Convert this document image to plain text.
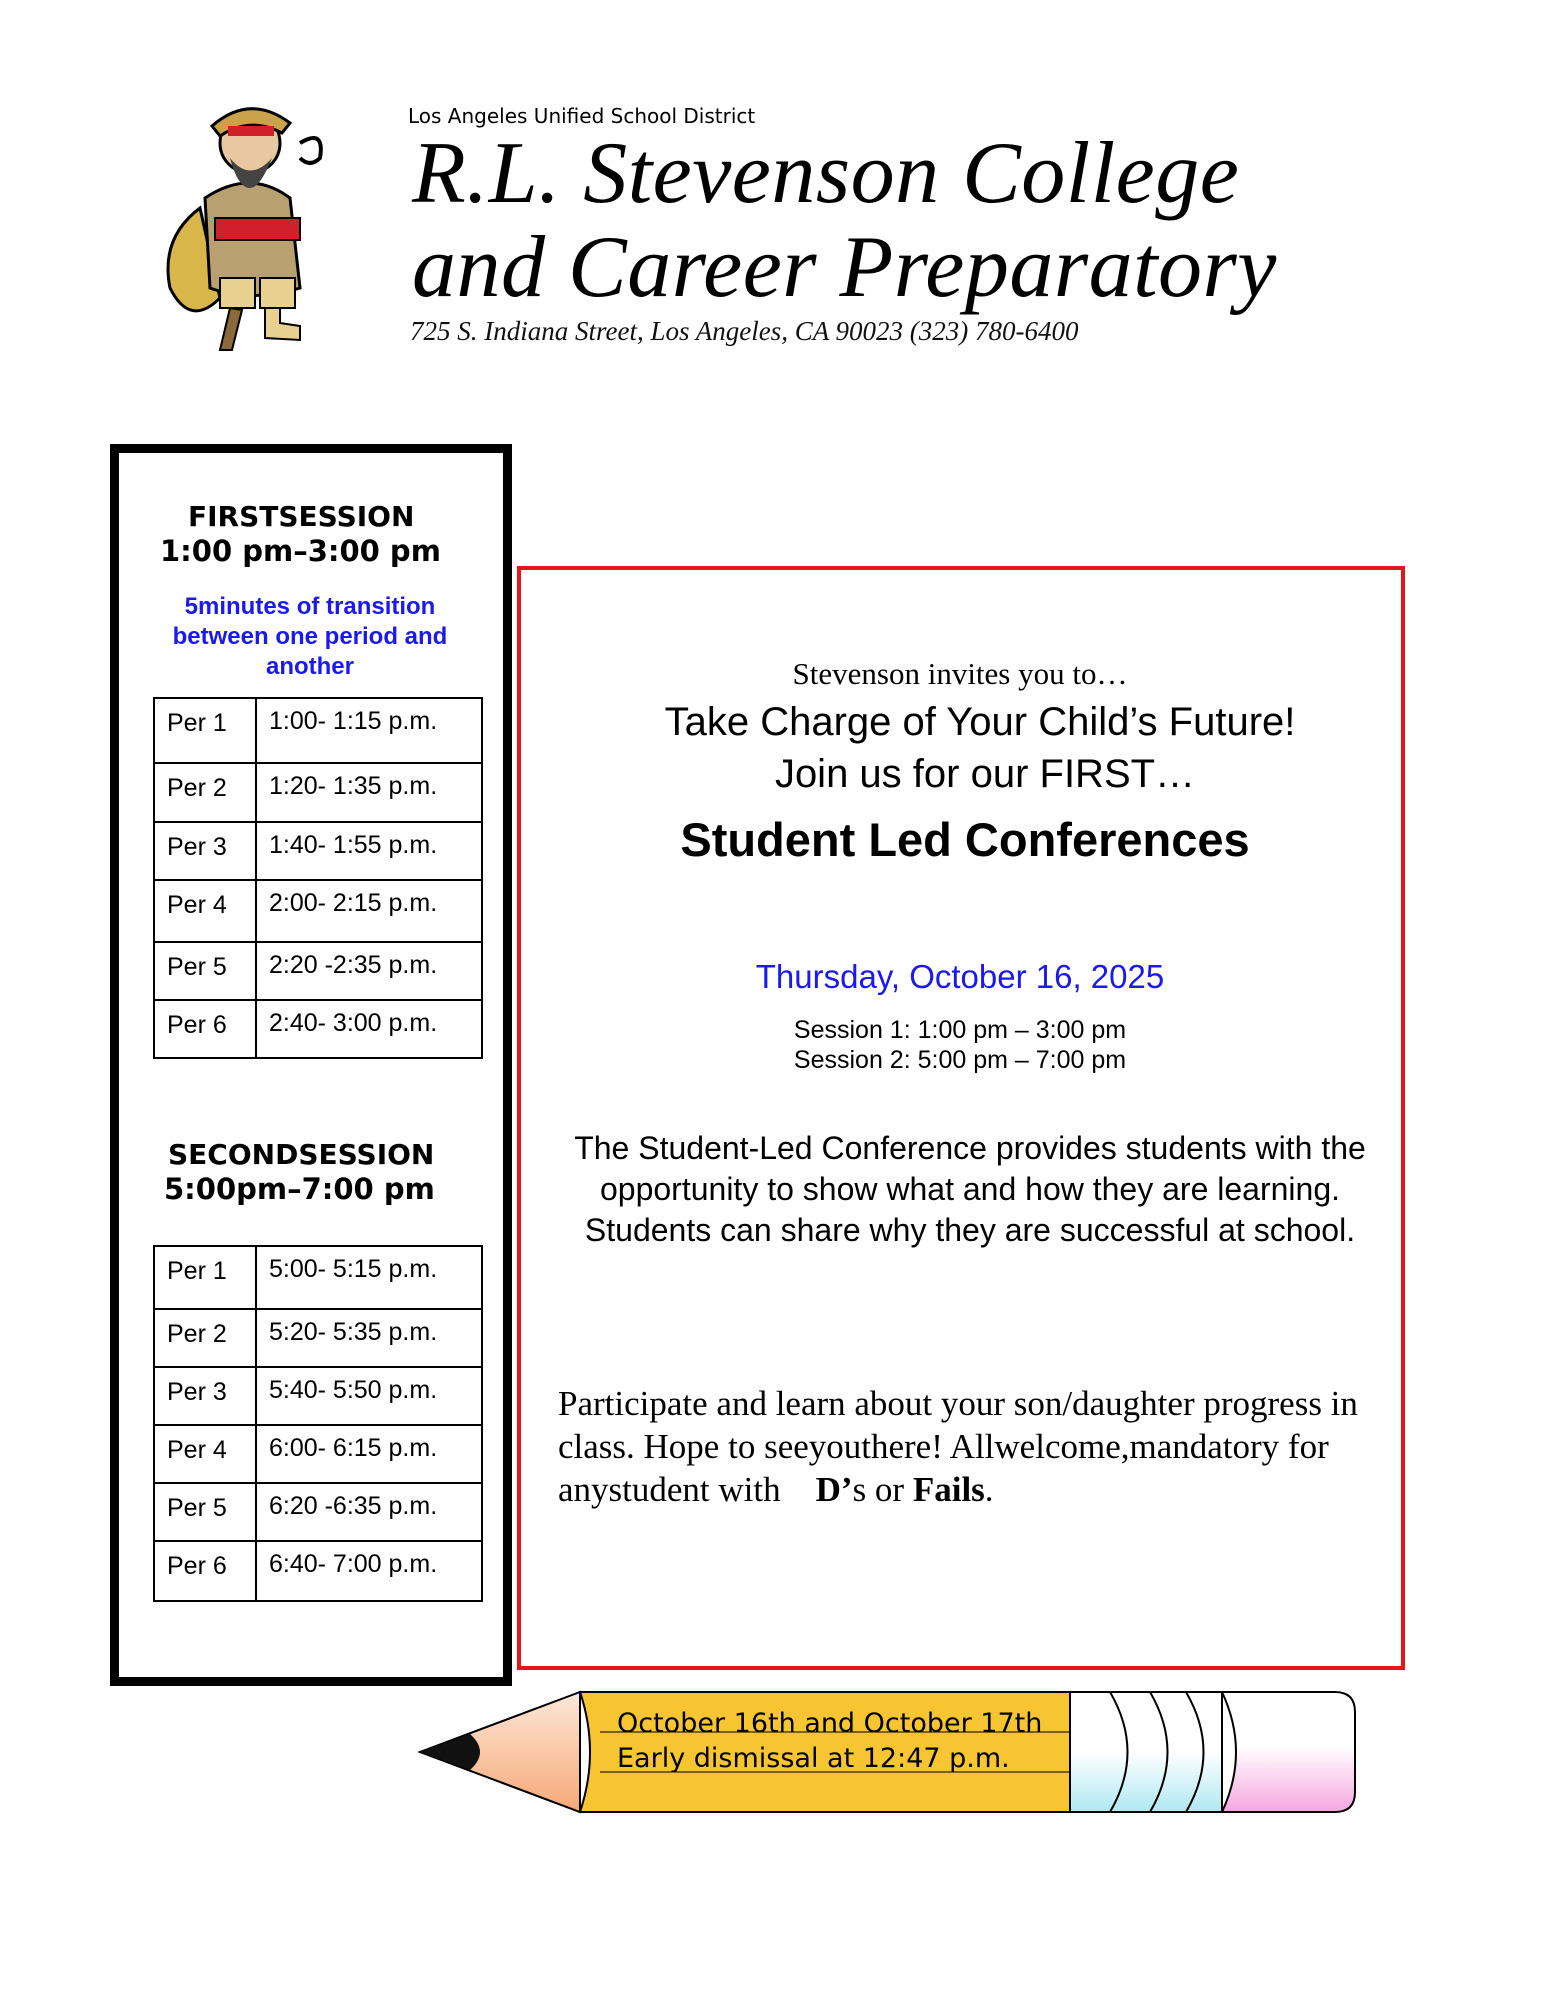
Los Angeles Unified School District
R.L. Stevenson College
and Career Preparatory
725 S. Indiana Street, Los Angeles, CA 90023 (323) 780-6400
FIRSTSESSION
1:00 pm–3:00 pm
5minutes of transition between one period and another
Per 1	1:00- 1:15 p.m.
Per 2	1:20- 1:35 p.m.
Per 3	1:40- 1:55 p.m.
Per 4	2:00- 2:15 p.m.
Per 5	2:20 -2:35 p.m.
Per 6	2:40- 3:00 p.m.
SECONDSESSION
5:00pm–7:00 pm
Per 1	5:00- 5:15 p.m.
Per 2	5:20- 5:35 p.m.
Per 3	5:40- 5:50 p.m.
Per 4	6:00- 6:15 p.m.
Per 5	6:20 -6:35 p.m.
Per 6	6:40- 7:00 p.m.
Stevenson invites you to…
Take Charge of Your Child’s Future!
Join us for our FIRST…
Student Led Conferences
Thursday, October 16, 2025
Session 1: 1:00 pm – 3:00 pm
Session 2: 5:00 pm – 7:00 pm
The Student-Led Conference provides students with the opportunity to show what and how they are learning. Students can share why they are successful at school.
Participate and learn about your son/daughter progress in class. Hope to seeyouthere! Allwelcome,mandatory for anystudent with D’s or Fails.
October 16th and October 17th
Early dismissal at 12:47 p.m.
